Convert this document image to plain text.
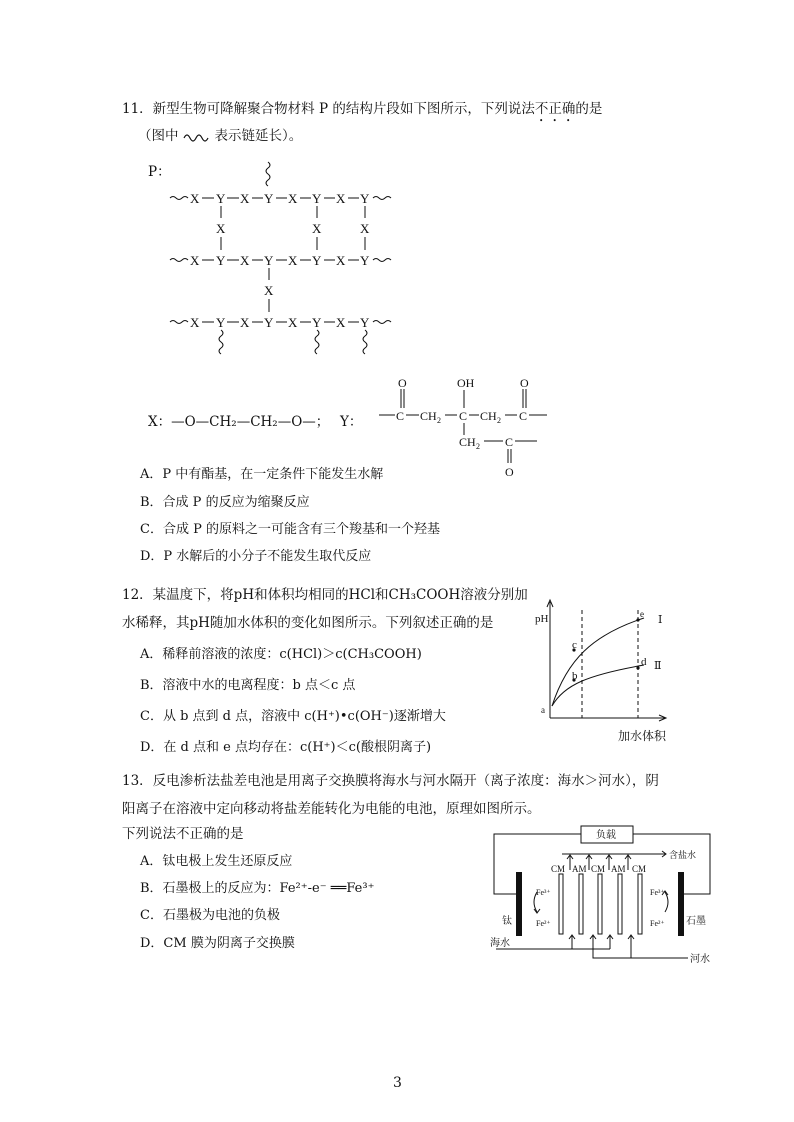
11．新型生物可降解聚合物材料 P 的结构片段如下图所示，下列说法不正确的是
（图中	表示链延长）。
P：
X Y X Y X Y X Y
X	X	X
X Y X Y X Y X Y
X
X Y X Y X Y X Y
X：—O—CH₂—CH₂—O—； Y：	C
O
CH 2 C
OH
CH 2 C
O
CH 2 C
O
A．P 中有酯基，在一定条件下能发生水解
B．合成 P 的反应为缩聚反应
C．合成 P 的原料之一可能含有三个羧基和一个羟基
D．P 水解后的小分子不能发生取代反应
12．某温度下，将pH和体积均相同的HCl和CH₃COOH溶液分别加
水稀释，其pH随加水体积的变化如图所示。下列叙述正确的是
A．稀释前溶液的浓度：c(HCl)＞c(CH₃COOH)
B．溶液中水的电离程度：b 点＜c 点
C．从 b 点到 d 点，溶液中 c(H⁺)•c(OH⁻)逐渐增大
D．在 d 点和 e 点均存在：c(H⁺)＜c(酸根阴离子)
pH
a
c
b
d
e Ⅰ
Ⅱ
加水体积
13．反电渗析法盐差电池是用离子交换膜将海水与河水隔开（离子浓度：海水＞河水），阴
阳离子在溶液中定向移动将盐差能转化为电能的电池，原理如图所示。
下列说法不正确的是
A．钛电极上发生还原反应
B．石墨极上的反应为：Fe²⁺-e⁻ ══Fe³⁺
C．石墨极为电池的负极
D．CM 膜为阴离子交换膜
负载
含盐水
CM AM CM AM CM
钛	石墨
Fe³⁺
Fe²⁺
Fe³⁺
Fe²⁺
海水
河水
3
